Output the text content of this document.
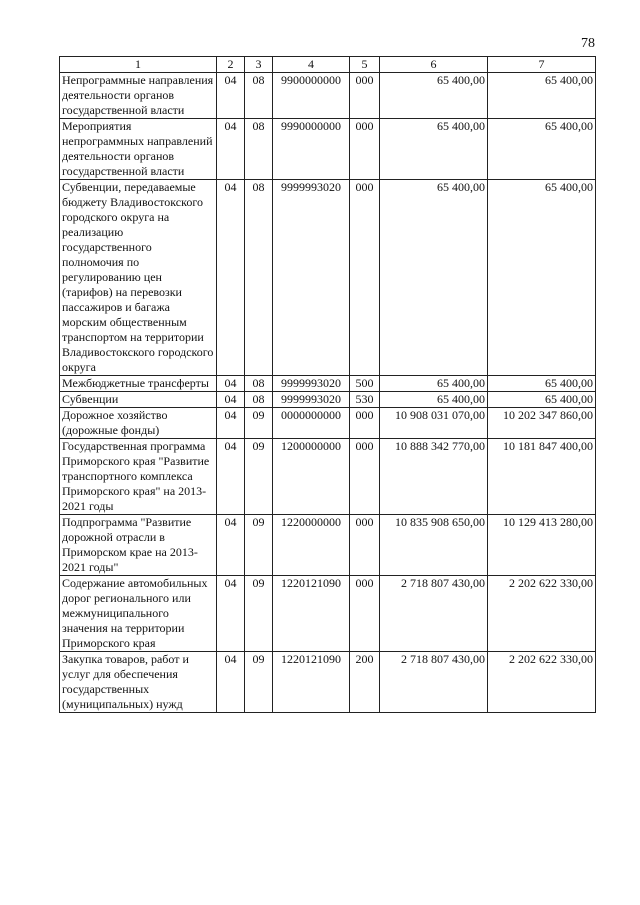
78
1	2	3	4	5	6	7
Непрограммные направления деятельности органов государственной власти	04	08	9900000000	000	65 400,00	65 400,00
Мероприятия непрограммных направлений деятельности органов государственной власти	04	08	9990000000	000	65 400,00	65 400,00
Субвенции, передаваемые бюджету Владивостокского городского округа на реализацию государственного полномочия по регулированию цен (тарифов) на перевозки пассажиров и багажа морским общественным транспортом на территории Владивостокского городского округа	04	08	9999993020	000	65 400,00	65 400,00
Межбюджетные трансферты	04	08	9999993020	500	65 400,00	65 400,00
Субвенции	04	08	9999993020	530	65 400,00	65 400,00
Дорожное хозяйство (дорожные фонды)	04	09	0000000000	000	10 908 031 070,00	10 202 347 860,00
Государственная программа Приморского края "Развитие транспортного комплекса Приморского края" на 2013-2021 годы	04	09	1200000000	000	10 888 342 770,00	10 181 847 400,00
Подпрограмма "Развитие дорожной отрасли в Приморском крае на 2013-2021 годы"	04	09	1220000000	000	10 835 908 650,00	10 129 413 280,00
Содержание автомобильных дорог регионального или межмуниципального значения на территории Приморского края	04	09	1220121090	000	2 718 807 430,00	2 202 622 330,00
Закупка товаров, работ и услуг для обеспечения государственных (муниципальных) нужд	04	09	1220121090	200	2 718 807 430,00	2 202 622 330,00
